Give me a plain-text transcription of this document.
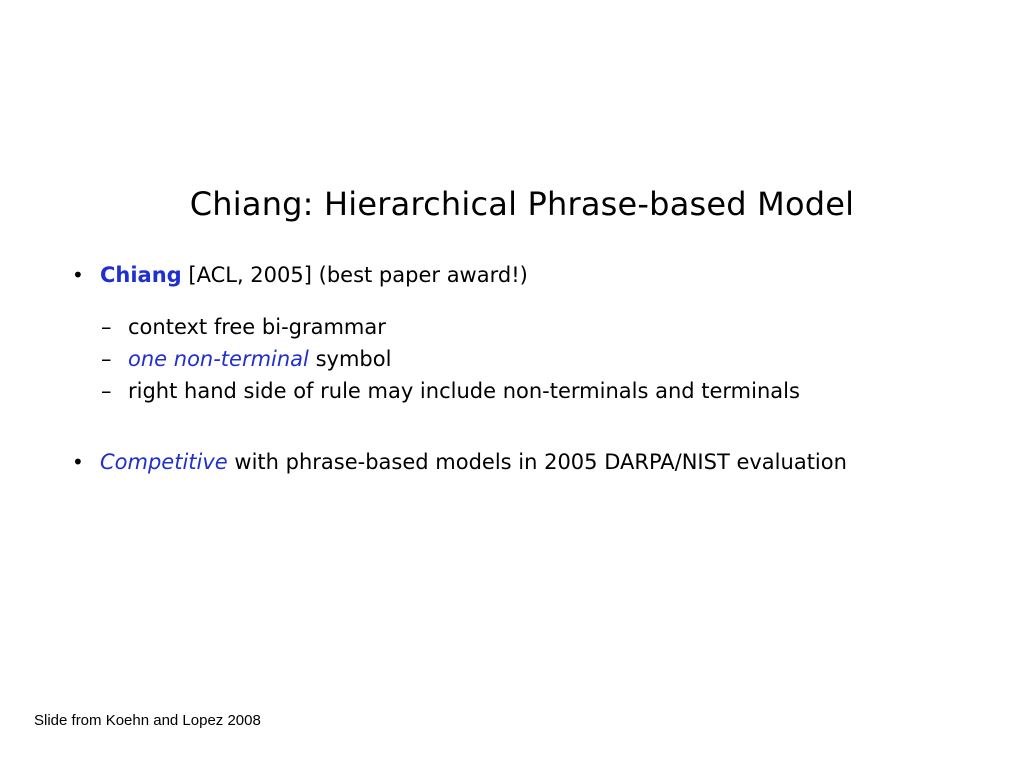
Chiang: Hierarchical Phrase-based Model
• Chiang [ACL, 2005] (best paper award!)
– context free bi-grammar
– one non-terminal symbol
– right hand side of rule may include non-terminals and terminals
• Competitive with phrase-based models in 2005 DARPA/NIST evaluation
Slide from Koehn and Lopez 2008
